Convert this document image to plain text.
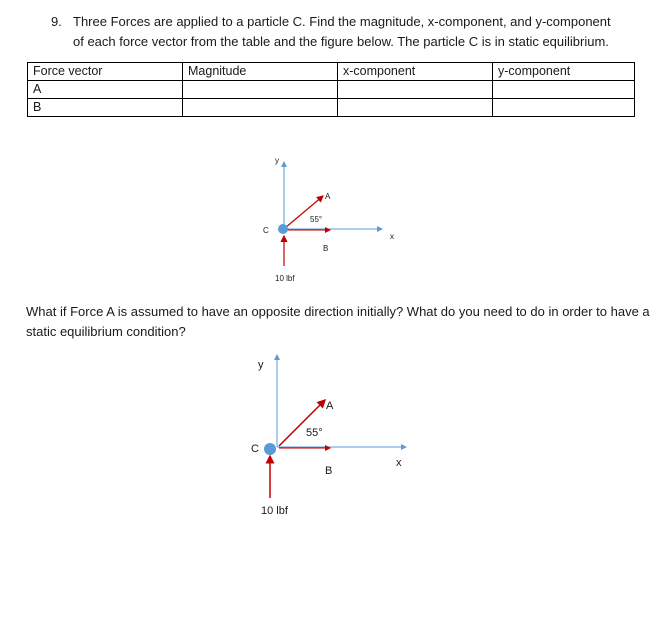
9. Three Forces are applied to a particle C. Find the magnitude, x-component, and y-component
of each force vector from the table and the figure below. The particle C is in static equilibrium.
Force vector	Magnitude	x-component	y-component
A			
B			
y
x
A
B
C
55°
10 lbf
y
x
A
B
C
55°
10 lbf
What if Force A is assumed to have an opposite direction initially? What do you need to do in order to have a static equilibrium condition?
